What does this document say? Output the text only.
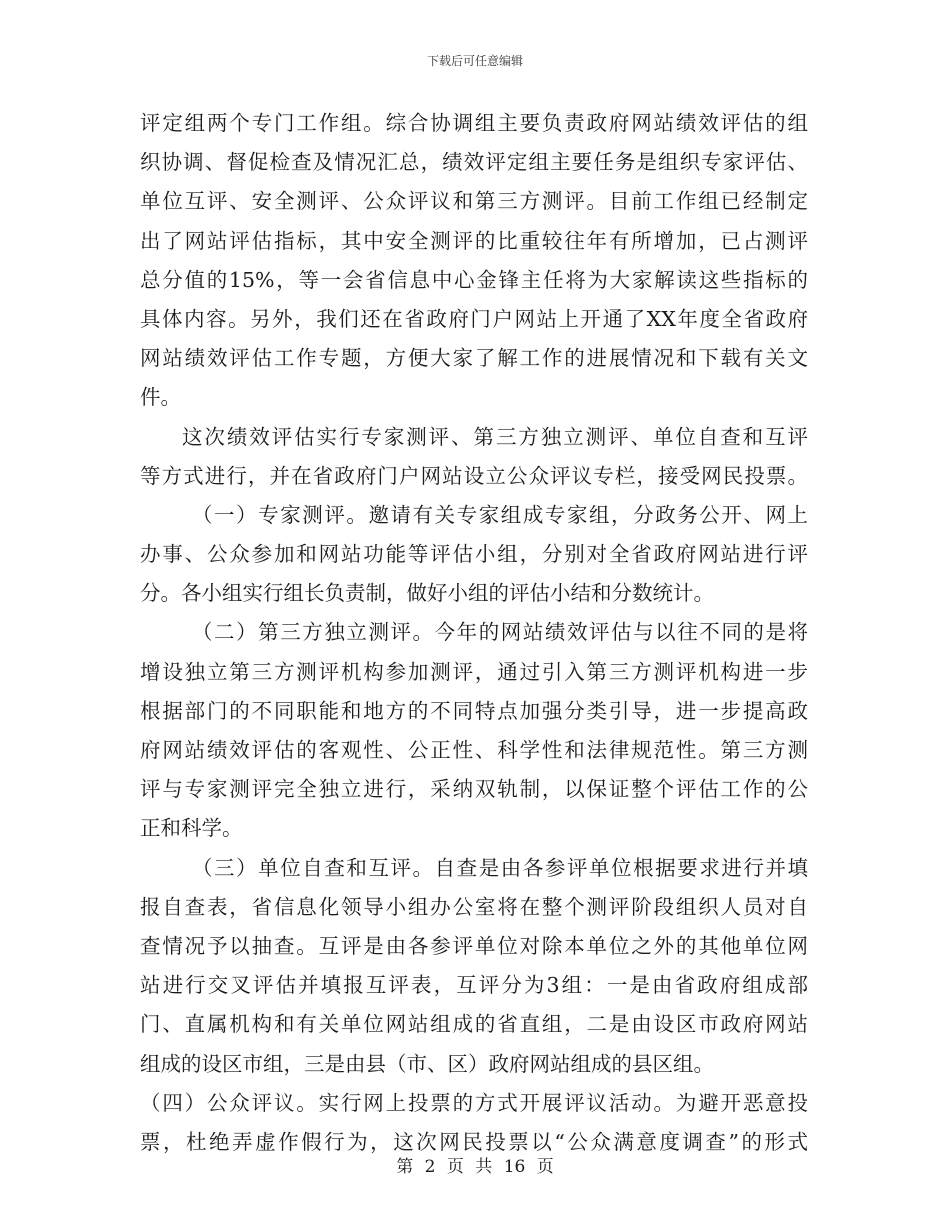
下载后可任意编辑
评定组两个专门工作组。综合协调组主要负责政府网站绩效评估的组
织协调、督促检查及情况汇总，绩效评定组主要任务是组织专家评估、
单位互评、安全测评、公众评议和第三方测评。目前工作组已经制定
出了网站评估指标，其中安全测评的比重较往年有所增加，已占测评
总分值的15%，等一会省信息中心金锋主任将为大家解读这些指标的
具体内容。另外，我们还在省政府门户网站上开通了XX年度全省政府
网站绩效评估工作专题，方便大家了解工作的进展情况和下载有关文
件。
这次绩效评估实行专家测评、第三方独立测评、单位自查和互评
等方式进行，并在省政府门户网站设立公众评议专栏，接受网民投票。
（一）专家测评。邀请有关专家组成专家组，分政务公开、网上
办事、公众参加和网站功能等评估小组，分别对全省政府网站进行评
分。各小组实行组长负责制，做好小组的评估小结和分数统计。
（二）第三方独立测评。今年的网站绩效评估与以往不同的是将
增设独立第三方测评机构参加测评，通过引入第三方测评机构进一步
根据部门的不同职能和地方的不同特点加强分类引导，进一步提高政
府网站绩效评估的客观性、公正性、科学性和法律规范性。第三方测
评与专家测评完全独立进行，采纳双轨制，以保证整个评估工作的公
正和科学。
（三）单位自查和互评。自查是由各参评单位根据要求进行并填
报自查表，省信息化领导小组办公室将在整个测评阶段组织人员对自
查情况予以抽查。互评是由各参评单位对除本单位之外的其他单位网
站进行交叉评估并填报互评表，互评分为3组：一是由省政府组成部
门、直属机构和有关单位网站组成的省直组，二是由设区市政府网站
组成的设区市组，三是由县（市、区）政府网站组成的县区组。
（四）公众评议。实行网上投票的方式开展评议活动。为避开恶意投
票，杜绝弄虚作假行为，这次网民投票以“公众满意度调查”的形式
第 2 页 共 16 页
